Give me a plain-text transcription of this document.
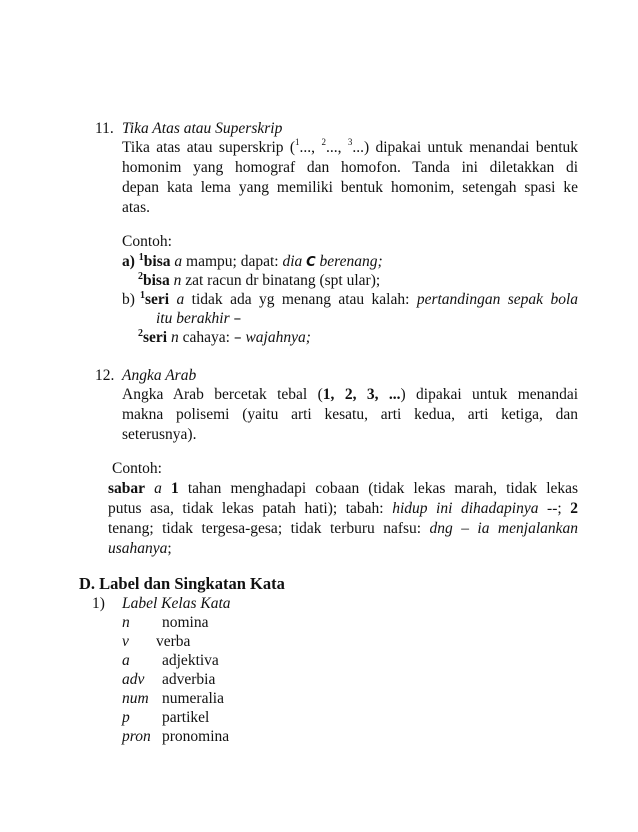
11. Tika Atas atau Superskrip
Tika atas atau superskrip ($^1$..., $^2$..., $^3$...) dipakai untuk menandai bentuk
homonim yang homograf dan homofon. Tanda ini diletakkan di
depan kata lema yang memiliki bentuk homonim, setengah spasi ke
atas.
Contoh:
a) $^1$bisa a mampu; dapat: dia C berenang;
$^2$bisa n zat racun dr binatang (spt ular);
b) $^1$seri a tidak ada yg menang atau kalah: pertandingan sepak bola
itu berakhir –
$^2$seri n cahaya: – wajahnya;
12. Angka Arab
Angka Arab bercetak tebal (1, 2, 3, ...) dipakai untuk menandai
makna polisemi (yaitu arti kesatu, arti kedua, arti ketiga, dan
seterusnya).
Contoh:
sabar a 1 tahan menghadapi cobaan (tidak lekas marah, tidak lekas
putus asa, tidak lekas patah hati); tabah: hidup ini dihadapinya --; 2
tenang; tidak tergesa-gesa; tidak terburu nafsu: dng – ia menjalankan
usahanya;
D. Label dan Singkatan Kata
1) Label Kelas Kata
n nomina
v verba
a adjektiva
adv adverbia
num numeralia
p partikel
pron pronomina
